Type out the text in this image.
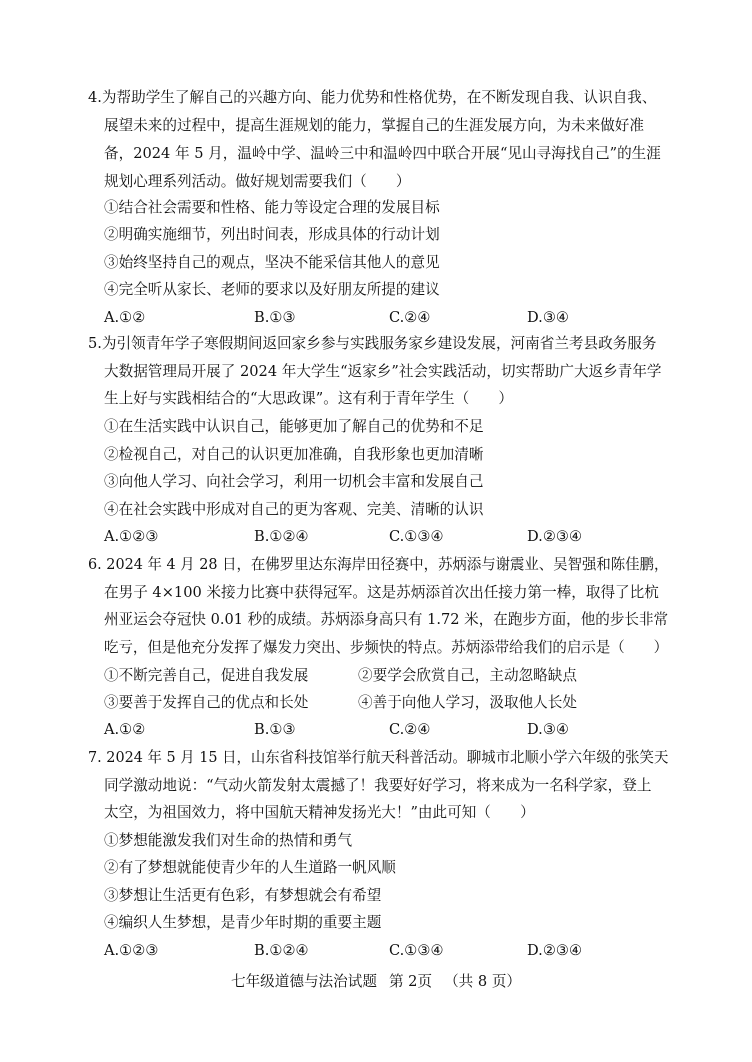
4.为帮助学生了解自己的兴趣方向、能力优势和性格优势，在不断发现自我、认识自我、
展望未来的过程中，提高生涯规划的能力，掌握自己的生涯发展方向，为未来做好准
备，2024 年 5 月，温岭中学、温岭三中和温岭四中联合开展“见山寻海找自己”的生涯
规划心理系列活动。做好规划需要我们（　　）
①结合社会需要和性格、能力等设定合理的发展目标
②明确实施细节，列出时间表，形成具体的行动计划
③始终坚持自己的观点，坚决不能采信其他人的意见
④完全听从家长、老师的要求以及好朋友所提的建议
A.①②	B.①③	C.②④	D.③④
5.为引领青年学子寒假期间返回家乡参与实践服务家乡建设发展，河南省兰考县政务服务
大数据管理局开展了 2024 年大学生“返家乡”社会实践活动，切实帮助广大返乡青年学
生上好与实践相结合的“大思政课”。这有利于青年学生（　　）
①在生活实践中认识自己，能够更加了解自己的优势和不足
②检视自己，对自己的认识更加准确，自我形象也更加清晰
③向他人学习、向社会学习，利用一切机会丰富和发展自己
④在社会实践中形成对自己的更为客观、完美、清晰的认识
A.①②③	B.①②④	C.①③④	D.②③④
6. 2024 年 4 月 28 日，在佛罗里达东海岸田径赛中，苏炳添与谢震业、吴智强和陈佳鹏，
在男子 4×100 米接力比赛中获得冠军。这是苏炳添首次出任接力第一棒，取得了比杭
州亚运会夺冠快 0.01 秒的成绩。苏炳添身高只有 1.72 米，在跑步方面，他的步长非常
吃亏，但是他充分发挥了爆发力突出、步频快的特点。苏炳添带给我们的启示是（　　）
①不断完善自己，促进自我发展	②要学会欣赏自己，主动忽略缺点
③要善于发挥自己的优点和长处	④善于向他人学习，汲取他人长处
A.①②	B.①③	C.②④	D.③④
7. 2024 年 5 月 15 日，山东省科技馆举行航天科普活动。聊城市北顺小学六年级的张笑天
同学激动地说：“气动火箭发射太震撼了！我要好好学习，将来成为一名科学家，登上
太空，为祖国效力，将中国航天精神发扬光大！”由此可知（　　）
①梦想能激发我们对生命的热情和勇气
②有了梦想就能使青少年的人生道路一帆风顺
③梦想让生活更有色彩，有梦想就会有希望
④编织人生梦想，是青少年时期的重要主题
A.①②③	B.①②④	C.①③④	D.②③④
七年级道德与法治试题 第 2页 （共 8 页）
